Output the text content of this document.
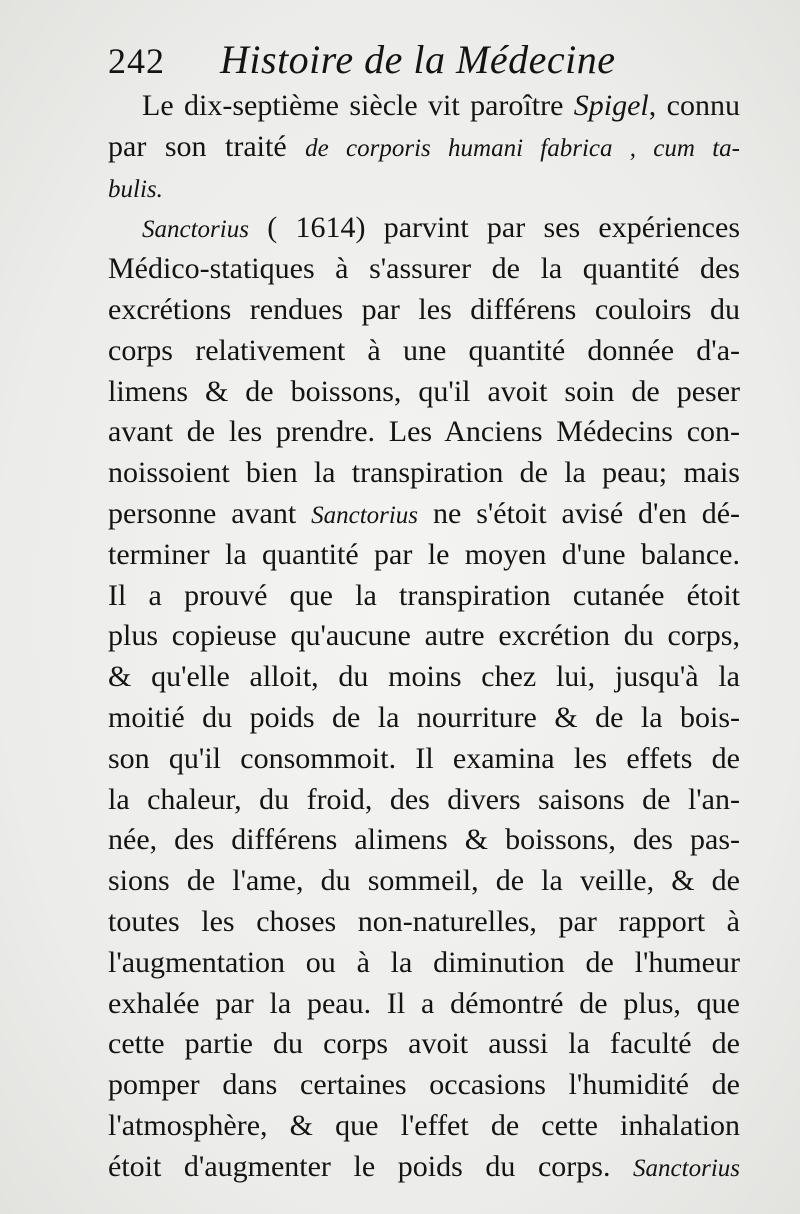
242 Histoire de la Médecine
Le dix-septième siècle vit paroître Spigel, connu
par son traité de corporis humani fabrica , cum ta-
bulis.
Sanctorius ( 1614) parvint par ses expériences
Médico-statiques à s'assurer de la quantité des
excrétions rendues par les différens couloirs du
corps relativement à une quantité donnée d'a-
limens & de boissons, qu'il avoit soin de peser
avant de les prendre. Les Anciens Médecins con-
noissoient bien la transpiration de la peau; mais
personne avant Sanctorius ne s'étoit avisé d'en dé-
terminer la quantité par le moyen d'une balance.
Il a prouvé que la transpiration cutanée étoit
plus copieuse qu'aucune autre excrétion du corps,
& qu'elle alloit, du moins chez lui, jusqu'à la
moitié du poids de la nourriture & de la bois-
son qu'il consommoit. Il examina les effets de
la chaleur, du froid, des divers saisons de l'an-
née, des différens alimens & boissons, des pas-
sions de l'ame, du sommeil, de la veille, & de
toutes les choses non-naturelles, par rapport à
l'augmentation ou à la diminution de l'humeur
exhalée par la peau. Il a démontré de plus, que
cette partie du corps avoit aussi la faculté de
pomper dans certaines occasions l'humidité de
l'atmosphère, & que l'effet de cette inhalation
étoit d'augmenter le poids du corps. Sanctorius
